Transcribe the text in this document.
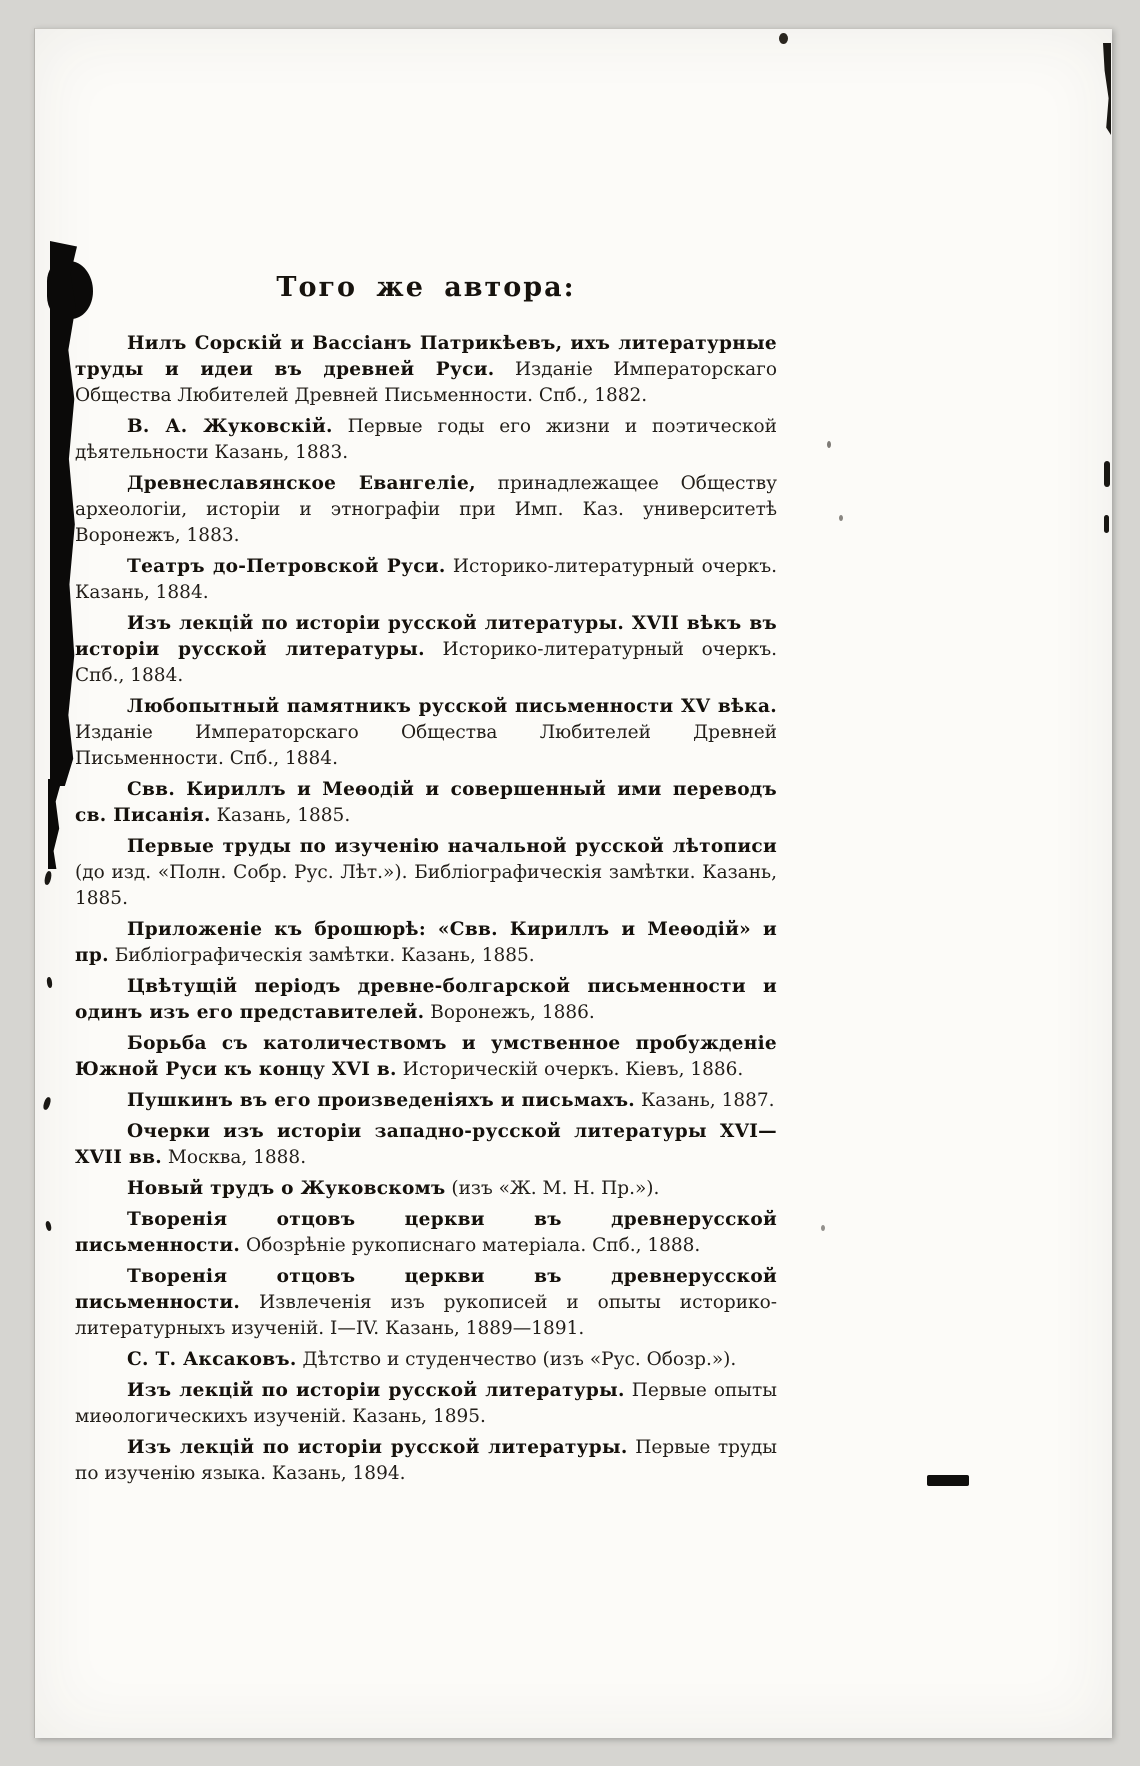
Того же автора:

Нилъ Сорскій и Вассіанъ Патрикѣевъ, ихъ литературные труды и идеи въ древней Руси. Изданіе Императорскаго Общества Любителей Древней Письменности. Спб., 1882.

В. А. Жуковскій. Первые годы его жизни и поэтической дѣятельности Казань, 1883.

Древнеславянское Евангеліе, принадлежащее Обществу археологіи, исторіи и этнографіи при Имп. Каз. университетѣ Воронежъ, 1883.

Театръ до-Петровской Руси. Историко-литературный очеркъ. Казань, 1884.

Изъ лекцій по исторіи русской литературы. XVII вѣкъ въ исторіи русской литературы. Историко-литературный очеркъ. Спб., 1884.

Любопытный памятникъ русской письменности XV вѣка. Изданіе Императорскаго Общества Любителей Древней Письменности. Спб., 1884.

Свв. Кириллъ и Меѳодій и совершенный ими переводъ св. Писанія. Казань, 1885.

Первые труды по изученію начальной русской лѣтописи (до изд. «Полн. Собр. Рус. Лѣт.»). Библіографическія замѣтки. Казань, 1885.

Приложеніе къ брошюрѣ: «Свв. Кириллъ и Меѳодій» и пр. Библіографическія замѣтки. Казань, 1885.

Цвѣтущій періодъ древне-болгарской письменности и одинъ изъ его представителей. Воронежъ, 1886.

Борьба съ католичествомъ и умственное пробужденіе Южной Руси къ концу XVI в. Историческій очеркъ. Кіевъ, 1886.

Пушкинъ въ его произведеніяхъ и письмахъ. Казань, 1887.

Очерки изъ исторіи западно-русской литературы XVI—XVII вв. Москва, 1888.

Новый трудъ о Жуковскомъ (изъ «Ж. М. Н. Пр.»).

Творенія отцовъ церкви въ древнерусской письменности. Обозрѣніе рукописнаго матеріала. Спб., 1888.

Творенія отцовъ церкви въ древнерусской письменности. Извлеченія изъ рукописей и опыты историко-литературныхъ изученій. I—IV. Казань, 1889—1891.

С. Т. Аксаковъ. Дѣтство и студенчество (изъ «Рус. Обозр.»).

Изъ лекцій по исторіи русской литературы. Первые опыты миѳологическихъ изученій. Казань, 1895.

Изъ лекцій по исторіи русской литературы. Первые труды по изученію языка. Казань, 1894.
